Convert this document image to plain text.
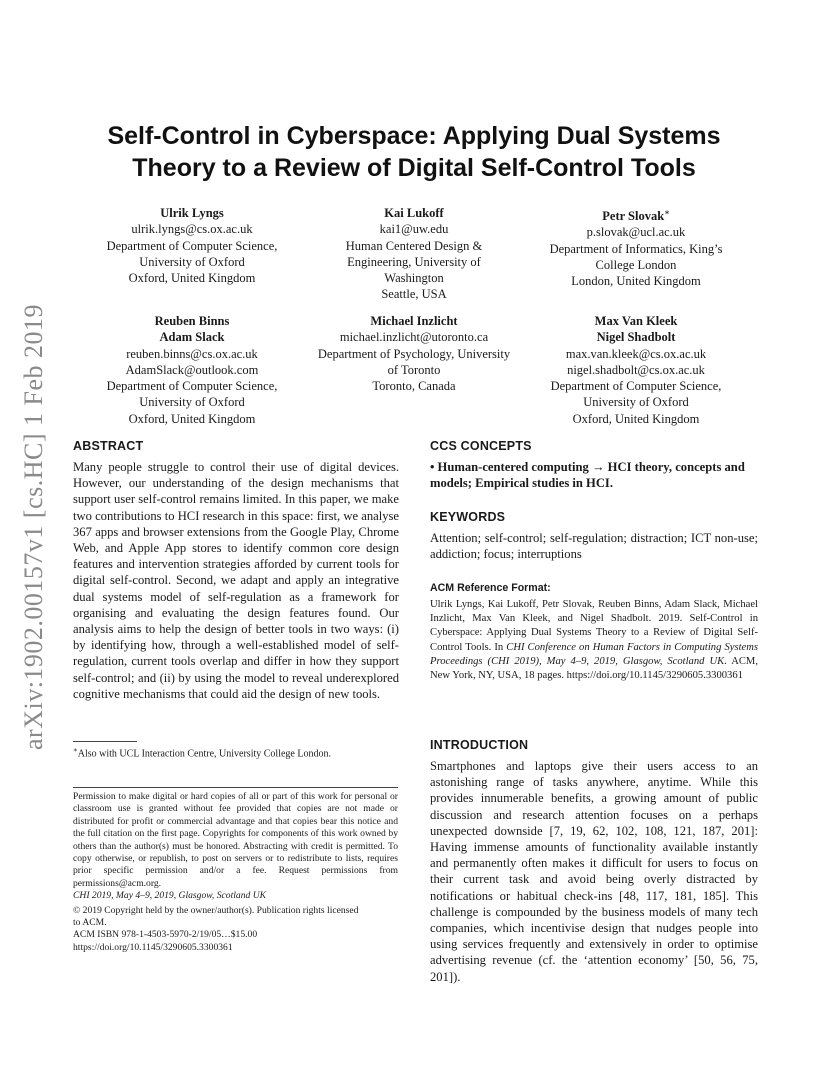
arXiv:1902.00157v1 [cs.HC] 1 Feb 2019
Self-Control in Cyberspace: Applying Dual Systems
Theory to a Review of Digital Self-Control Tools
Ulrik Lyngs
ulrik.lyngs@cs.ox.ac.uk
Department of Computer Science,
University of Oxford
Oxford, United Kingdom
Kai Lukoff
kai1@uw.edu
Human Centered Design &
Engineering, University of
Washington
Seattle, USA
Petr Slovak∗
p.slovak@ucl.ac.uk
Department of Informatics, King’s
College London
London, United Kingdom
Reuben Binns
Adam Slack
reuben.binns@cs.ox.ac.uk
AdamSlack@outlook.com
Department of Computer Science,
University of Oxford
Oxford, United Kingdom
Michael Inzlicht
michael.inzlicht@utoronto.ca
Department of Psychology, University
of Toronto
Toronto, Canada
Max Van Kleek
Nigel Shadbolt
max.van.kleek@cs.ox.ac.uk
nigel.shadbolt@cs.ox.ac.uk
Department of Computer Science,
University of Oxford
Oxford, United Kingdom
ABSTRACT
Many people struggle to control their use of digital devices. However, our understanding of the design mechanisms that support user self-control remains limited. In this paper, we make two contributions to HCI research in this space: first, we analyse 367 apps and browser extensions from the Google Play, Chrome Web, and Apple App stores to identify common core design features and intervention strategies afforded by current tools for digital self-control. Second, we adapt and apply an integrative dual systems model of self-regulation as a framework for organising and evaluating the design features found. Our analysis aims to help the design of better tools in two ways: (i) by identifying how, through a well-established model of self-regulation, current tools overlap and differ in how they support self-control; and (ii) by using the model to reveal underexplored cognitive mechanisms that could aid the design of new tools.
∗Also with UCL Interaction Centre, University College London.
Permission to make digital or hard copies of all or part of this work for personal or classroom use is granted without fee provided that copies are not made or distributed for profit or commercial advantage and that copies bear this notice and the full citation on the first page. Copyrights for components of this work owned by others than the author(s) must be honored. Abstracting with credit is permitted. To copy otherwise, or republish, to post on servers or to redistribute to lists, requires prior specific permission and/or a fee. Request permissions from permissions@acm.org.
CHI 2019, May 4–9, 2019, Glasgow, Scotland UK
© 2019 Copyright held by the owner/author(s). Publication rights licensed
to ACM.
ACM ISBN 978-1-4503-5970-2/19/05…$15.00
https://doi.org/10.1145/3290605.3300361
CCS CONCEPTS
• Human-centered computing → HCI theory, concepts and models; Empirical studies in HCI.
KEYWORDS
Attention; self-control; self-regulation; distraction; ICT non-use; addiction; focus; interruptions
ACM Reference Format:
Ulrik Lyngs, Kai Lukoff, Petr Slovak, Reuben Binns, Adam Slack, Michael Inzlicht, Max Van Kleek, and Nigel Shadbolt. 2019. Self-Control in Cyberspace: Applying Dual Systems Theory to a Review of Digital Self-Control Tools. In CHI Conference on Human Factors in Computing Systems Proceedings (CHI 2019), May 4–9, 2019, Glasgow, Scotland UK. ACM, New York, NY, USA, 18 pages. https://doi.org/10.1145/3290605.3300361
INTRODUCTION
Smartphones and laptops give their users access to an astonishing range of tasks anywhere, anytime. While this provides innumerable benefits, a growing amount of public discussion and research attention focuses on a perhaps unexpected downside [7, 19, 62, 102, 108, 121, 187, 201]: Having immense amounts of functionality available instantly and permanently often makes it difficult for users to focus on their current task and avoid being overly distracted by notifications or habitual check-ins [48, 117, 181, 185]. This challenge is compounded by the business models of many tech companies, which incentivise design that nudges people into using services frequently and extensively in order to optimise advertising revenue (cf. the ‘attention economy’ [50, 56, 75, 201]).
